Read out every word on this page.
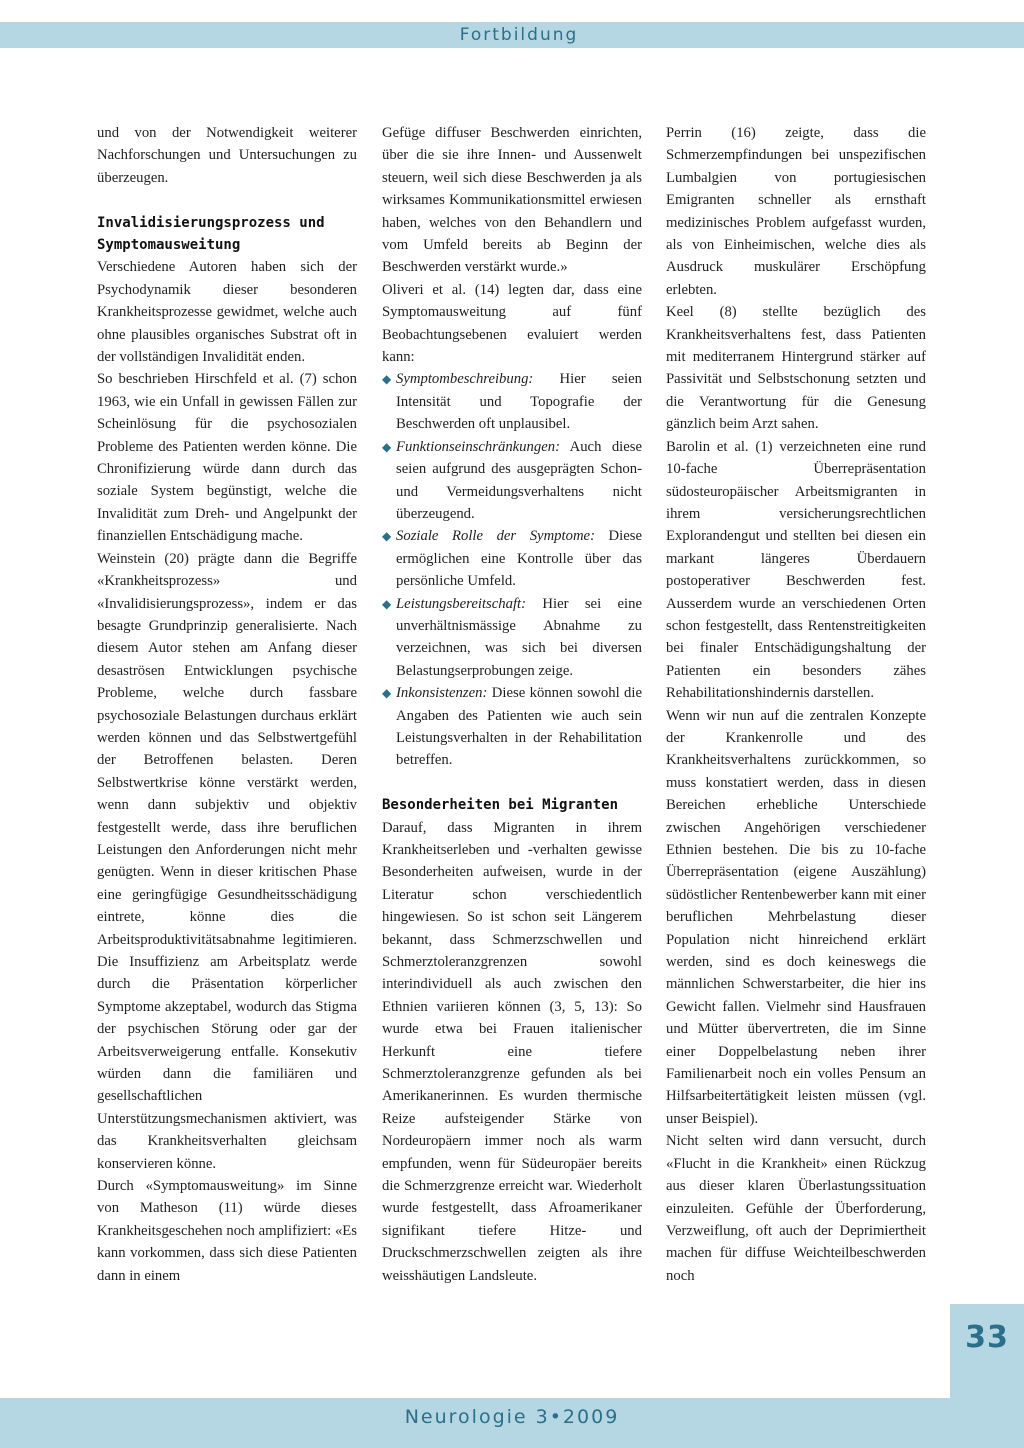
Fortbildung

und von der Notwendigkeit weiterer Nachforschungen und Untersuchungen zu überzeugen.

Invalidisierungsprozess und Symptomausweitung

Verschiedene Autoren haben sich der Psychodynamik dieser besonderen Krankheitsprozesse gewidmet, welche auch ohne plausibles organisches Substrat oft in der vollständigen Invalidität enden.

So beschrieben Hirschfeld et al. (7) schon 1963, wie ein Unfall in gewissen Fällen zur Scheinlösung für die psychosozialen Probleme des Patienten werden könne. Die Chronifizierung würde dann durch das soziale System begünstigt, welche die Invalidität zum Dreh- und Angelpunkt der finanziellen Entschädigung mache.

Weinstein (20) prägte dann die Begriffe «Krankheitsprozess» und «Invalidisierungsprozess», indem er das besagte Grundprinzip generalisierte. Nach diesem Autor stehen am Anfang dieser desaströsen Entwicklungen psychische Probleme, welche durch fassbare psychosoziale Belastungen durchaus erklärt werden können und das Selbstwertgefühl der Betroffenen belasten. Deren Selbstwertkrise könne verstärkt werden, wenn dann subjektiv und objektiv festgestellt werde, dass ihre beruflichen Leistungen den Anforderungen nicht mehr genügten. Wenn in dieser kritischen Phase eine geringfügige Gesundheitsschädigung eintrete, könne dies die Arbeitsproduktivitätsabnahme legitimieren. Die Insuffizienz am Arbeitsplatz werde durch die Präsentation körperlicher Symptome akzeptabel, wodurch das Stigma der psychischen Störung oder gar der Arbeitsverweigerung entfalle. Konsekutiv würden dann die familiären und gesellschaftlichen Unterstützungsmechanismen aktiviert, was das Krankheitsverhalten gleichsam konservieren könne.

Durch «Symptomausweitung» im Sinne von Matheson (11) würde dieses Krankheitsgeschehen noch amplifiziert: «Es kann vorkommen, dass sich diese Patienten dann in einem

Gefüge diffuser Beschwerden einrichten, über die sie ihre Innen- und Aussenwelt steuern, weil sich diese Beschwerden ja als wirksames Kommunikationsmittel erwiesen haben, welches von den Behandlern und vom Umfeld bereits ab Beginn der Beschwerden verstärkt wurde.»

Oliveri et al. (14) legten dar, dass eine Symptomausweitung auf fünf Beobachtungsebenen evaluiert werden kann:

◆ Symptombeschreibung: Hier seien Intensität und Topografie der Beschwerden oft unplausibel.
◆ Funktionseinschränkungen: Auch diese seien aufgrund des ausgeprägten Schon- und Vermeidungsverhaltens nicht überzeugend.
◆ Soziale Rolle der Symptome: Diese ermöglichen eine Kontrolle über das persönliche Umfeld.
◆ Leistungsbereitschaft: Hier sei eine unverhältnismässige Abnahme zu verzeichnen, was sich bei diversen Belastungserprobungen zeige.
◆ Inkonsistenzen: Diese können sowohl die Angaben des Patienten wie auch sein Leistungsverhalten in der Rehabilitation betreffen.
Besonderheiten bei Migranten

Darauf, dass Migranten in ihrem Krankheitserleben und -verhalten gewisse Besonderheiten aufweisen, wurde in der Literatur schon verschiedentlich hingewiesen. So ist schon seit Längerem bekannt, dass Schmerzschwellen und Schmerztoleranzgrenzen sowohl interindividuell als auch zwischen den Ethnien variieren können (3, 5, 13): So wurde etwa bei Frauen italienischer Herkunft eine tiefere Schmerztoleranzgrenze gefunden als bei Amerikanerinnen. Es wurden thermische Reize aufsteigender Stärke von Nordeuropäern immer noch als warm empfunden, wenn für Südeuropäer bereits die Schmerzgrenze erreicht war. Wiederholt wurde festgestellt, dass Afroamerikaner signifikant tiefere Hitze- und Druckschmerzschwellen zeigten als ihre weisshäutigen Landsleute.

Perrin (16) zeigte, dass die Schmerzempfindungen bei unspezifischen Lumbalgien von portugiesischen Emigranten schneller als ernsthaft medizinisches Problem aufgefasst wurden, als von Einheimischen, welche dies als Ausdruck muskulärer Erschöpfung erlebten.

Keel (8) stellte bezüglich des Krankheitsverhaltens fest, dass Patienten mit mediterranem Hintergrund stärker auf Passivität und Selbstschonung setzten und die Verantwortung für die Genesung gänzlich beim Arzt sahen.

Barolin et al. (1) verzeichneten eine rund 10-fache Überrepräsentation südosteuropäischer Arbeitsmigranten in ihrem versicherungsrechtlichen Explorandengut und stellten bei diesen ein markant längeres Überdauern postoperativer Beschwerden fest. Ausserdem wurde an verschiedenen Orten schon festgestellt, dass Rentenstreitigkeiten bei finaler Entschädigungshaltung der Patienten ein besonders zähes Rehabilitationshindernis darstellen.

Wenn wir nun auf die zentralen Konzepte der Krankenrolle und des Krankheitsverhaltens zurückkommen, so muss konstatiert werden, dass in diesen Bereichen erhebliche Unterschiede zwischen Angehörigen verschiedener Ethnien bestehen. Die bis zu 10-fache Überrepräsentation (eigene Auszählung) südöstlicher Rentenbewerber kann mit einer beruflichen Mehrbelastung dieser Population nicht hinreichend erklärt werden, sind es doch keineswegs die männlichen Schwerstarbeiter, die hier ins Gewicht fallen. Vielmehr sind Hausfrauen und Mütter übervertreten, die im Sinne einer Doppelbelastung neben ihrer Familienarbeit noch ein volles Pensum an Hilfsarbeitertätigkeit leisten müssen (vgl. unser Beispiel).

Nicht selten wird dann versucht, durch «Flucht in die Krankheit» einen Rückzug aus dieser klaren Überlastungssituation einzuleiten. Gefühle der Überforderung, Verzweiflung, oft auch der Deprimiertheit machen für diffuse Weichteilbeschwerden noch

33
Neurologie 3•2009
